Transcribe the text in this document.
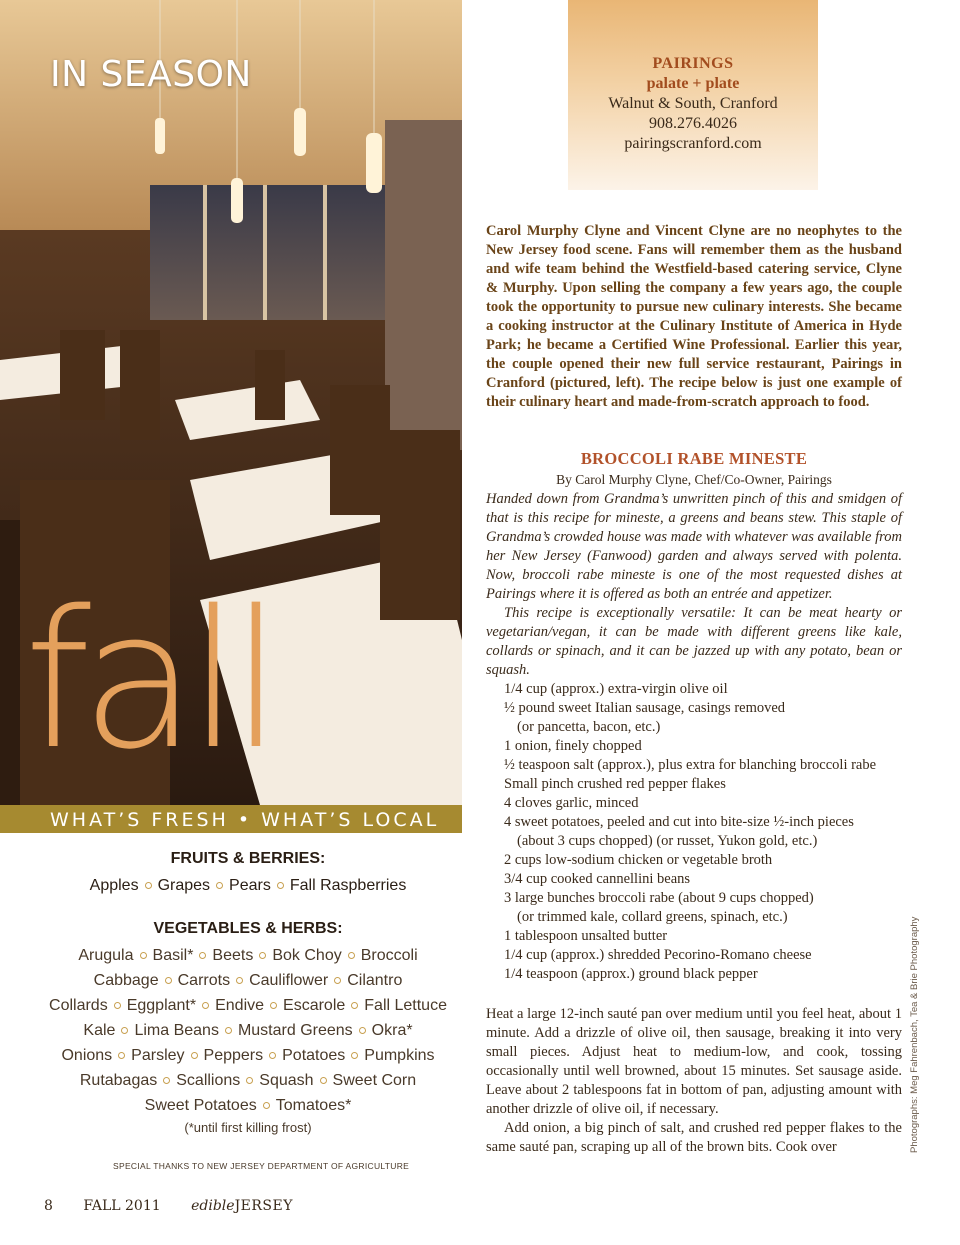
IN SEASON
fall
WHAT’S FRESH • WHAT’S LOCAL
FRUITS & BERRIES:
Apples Grapes Pears Fall Raspberries
VEGETABLES & HERBS:
Arugula Basil* Beets Bok Choy Broccoli
Cabbage Carrots Cauliflower Cilantro
Collards Eggplant* Endive Escarole Fall Lettuce
Kale Lima Beans Mustard Greens Okra*
Onions Parsley Peppers Potatoes Pumpkins
Rutabagas Scallions Squash Sweet Corn
Sweet Potatoes Tomatoes*
(*until first killing frost)

SPECIAL THANKS TO NEW JERSEY DEPARTMENT OF AGRICULTURE

8 FALL 2011 edibleJERSEY
PAIRINGS
palate + plate
Walnut & South, Cranford
908.276.4026
pairingscranford.com

Carol Murphy Clyne and Vincent Clyne are no neophytes to the New Jersey food scene. Fans will remember them as the husband and wife team behind the Westfield-based catering service, Clyne & Murphy. Upon selling the company a few years ago, the couple took the opportunity to pursue new culinary interests. She became a cooking instructor at the Culinary Institute of America in Hyde Park; he became a Certified Wine Professional. Earlier this year, the couple opened their new full service restaurant, Pairings in Cranford (pictured, left). The recipe below is just one example of their culinary heart and made-from-scratch approach to food.

BROCCOLI RABE MINESTE

By Carol Murphy Clyne, Chef/Co-Owner, Pairings

Handed down from Grandma’s unwritten pinch of this and smidgen of that is this recipe for mineste, a greens and beans stew. This staple of Grandma’s crowded house was made with whatever was available from her New Jersey (Fanwood) garden and always served with polenta. Now, broccoli rabe mineste is one of the most requested dishes at Pairings where it is offered as both an entrée and appetizer.

This recipe is exceptionally versatile: It can be meat hearty or vegetarian/vegan, it can be made with different greens like kale, collards or spinach, and it can be jazzed up with any potato, bean or squash.

1/4 cup (approx.) extra-virgin olive oil
½ pound sweet Italian sausage, casings removed
(or pancetta, bacon, etc.)
1 onion, finely chopped
½ teaspoon salt (approx.), plus extra for blanching broccoli rabe
Small pinch crushed red pepper flakes
4 cloves garlic, minced
4 sweet potatoes, peeled and cut into bite-size ½-inch pieces
(about 3 cups chopped) (or russet, Yukon gold, etc.)
2 cups low-sodium chicken or vegetable broth
3/4 cup cooked cannellini beans
3 large bunches broccoli rabe (about 9 cups chopped)
(or trimmed kale, collard greens, spinach, etc.)
1 tablespoon unsalted butter
1/4 cup (approx.) shredded Pecorino-Romano cheese
1/4 teaspoon (approx.) ground black pepper

Heat a large 12-inch sauté pan over medium until you feel heat, about 1 minute. Add a drizzle of olive oil, then sausage, breaking it into very small pieces. Adjust heat to medium-low, and cook, tossing occasionally until well browned, about 15 minutes. Set sausage aside. Leave about 2 tablespoons fat in bottom of pan, adjusting amount with another drizzle of olive oil, if necessary.

Add onion, a big pinch of salt, and crushed red pepper flakes to the same sauté pan, scraping up all of the brown bits. Cook over	Photographs: Meg Fahrenbach, Tea & Brie Photography
